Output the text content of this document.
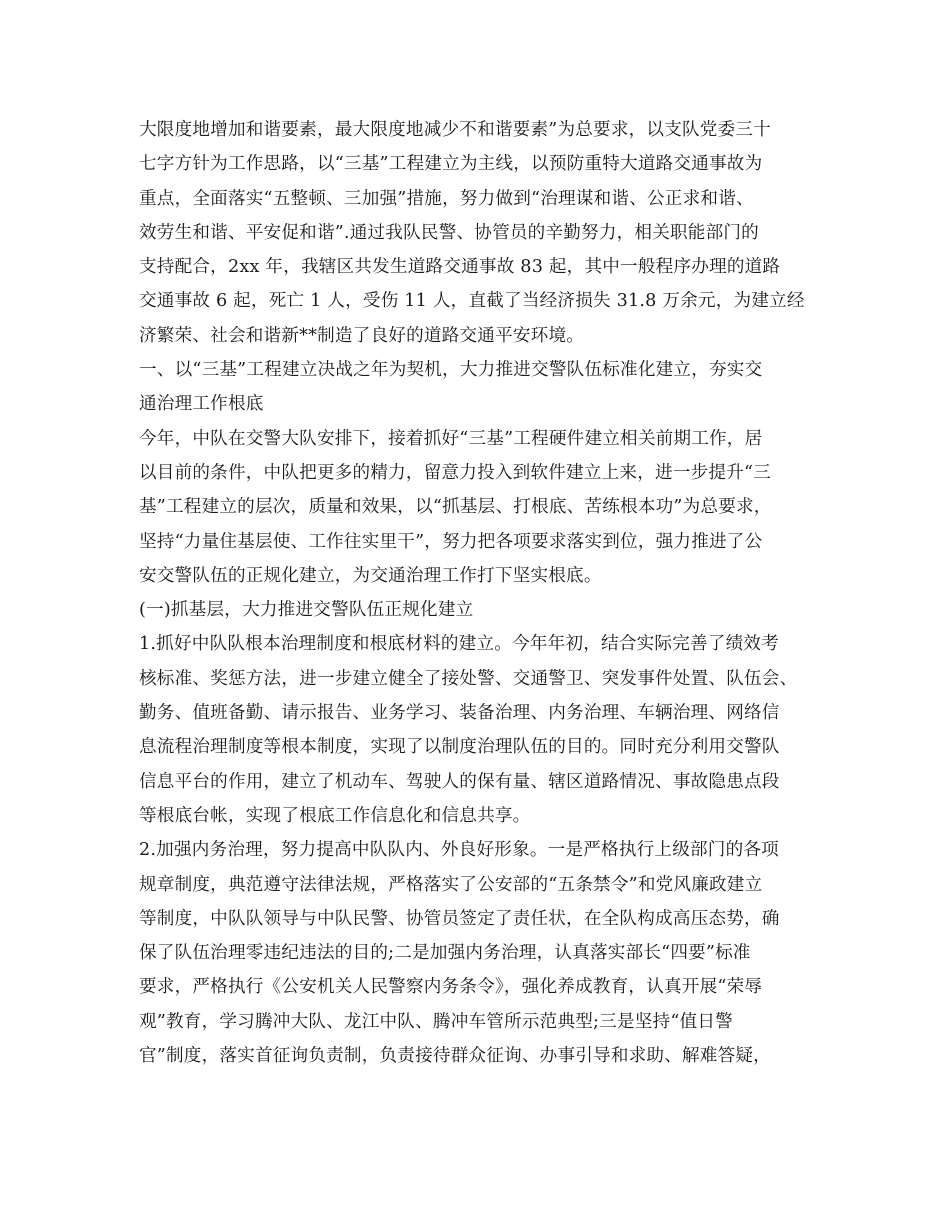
大限度地增加和谐要素，最大限度地减少不和谐要素”为总要求，以支队党委三十
七字方针为工作思路，以“三基”工程建立为主线，以预防重特大道路交通事故为
重点，全面落实“五整顿、三加强”措施，努力做到“治理谋和谐、公正求和谐、
效劳生和谐、平安促和谐”.通过我队民警、协管员的辛勤努力，相关职能部门的
支持配合，2xx 年，我辖区共发生道路交通事故 83 起，其中一般程序办理的道路
交通事故 6 起，死亡 1 人，受伤 11 人，直截了当经济损失 31.8 万余元，为建立经
济繁荣、社会和谐新**制造了良好的道路交通平安环境。
一、以“三基”工程建立决战之年为契机，大力推进交警队伍标准化建立，夯实交
通治理工作根底
今年，中队在交警大队安排下，接着抓好“三基”工程硬件建立相关前期工作，居
以目前的条件，中队把更多的精力，留意力投入到软件建立上来，进一步提升“三
基”工程建立的层次，质量和效果，以“抓基层、打根底、苦练根本功”为总要求，
坚持“力量住基层使、工作往实里干”，努力把各项要求落实到位，强力推进了公
安交警队伍的正规化建立，为交通治理工作打下坚实根底。
(一)抓基层，大力推进交警队伍正规化建立
1.抓好中队队根本治理制度和根底材料的建立。今年年初，结合实际完善了绩效考
核标准、奖惩方法，进一步建立健全了接处警、交通警卫、突发事件处置、队伍会、
勤务、值班备勤、请示报告、业务学习、装备治理、内务治理、车辆治理、网络信
息流程治理制度等根本制度，实现了以制度治理队伍的目的。同时充分利用交警队
信息平台的作用，建立了机动车、驾驶人的保有量、辖区道路情况、事故隐患点段
等根底台帐，实现了根底工作信息化和信息共享。
2.加强内务治理，努力提高中队队内、外良好形象。一是严格执行上级部门的各项
规章制度，典范遵守法律法规，严格落实了公安部的“五条禁令”和党风廉政建立
等制度，中队队领导与中队民警、协管员签定了责任状，在全队构成高压态势，确
保了队伍治理零违纪违法的目的;二是加强内务治理，认真落实部长“四要”标准
要求，严格执行《公安机关人民警察内务条令》，强化养成教育，认真开展“荣辱
观”教育，学习腾冲大队、龙江中队、腾冲车管所示范典型;三是坚持“值日警
官”制度，落实首征询负责制，负责接待群众征询、办事引导和求助、解难答疑，
